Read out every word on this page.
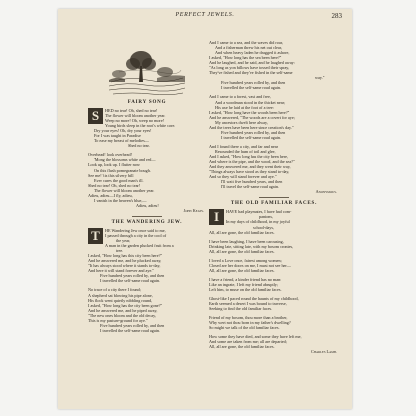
PERFECT JEWELS.	283
FAIRY SONG
S	HED no tear! Oh, shed no tear!
The flower will bloom another year.
Weep no more! Oh, weep no more!
Young birds sleep in the root's white core.
Dry your eyes! Oh, dry your eyes!
For I was taught in Paradise
To ease my breast of melodies—
Shed no tear.
Overhead! look overhead!
'Mong the blossoms white and red—
Look up, look up. I flutter now
On this flush pomegranate bough.
See me! 'tis this silvery bill
Ever cures the good man's ill.
Shed no tear! Oh, shed no tear!
The flower will bloom another year.
Adieu, adieu—I fly, adieu,
I vanish in the heaven's blue,—
Adieu, adieu!
John Keats.
THE WANDERING JEW.
T	HE Wandering Jew once said to me,
I passed through a city in the cool of
the year,
A man in the garden plucked fruit from a
tree.
I asked, "How long has this city been here?"
And he answered me, and he plucked away,
"It has always stood where it stands to-day,
And here it will stand forever and aye."
Five hundred years rolled by, and then
I travelled the self-same road again.
No trace of a city there I found;
A shepherd sat blowing his pipe alone,
His flock went quietly nibbling round,
I asked, "How long has the city been gone?"
And he answered me, and he piped away,
"The new ones bloom and the old decay,
This is my pasture-ground for aye."
Five hundred years rolled by, and then
I travelled the self-same road again.
And I came to a sea, and the waves did roar,
And a fisherman threw his net out clear,
And when heavy laden he dragged it ashore,
I asked, "How long has the sea been here?"
And he laughed, and he said, and he laughed away:
"As long as yon billows have tossed their spray,
They've fished and they've fished in the self-same
way."
Five hundred years rolled by, and then
I travelled the self-same road again.
And I came to a forest, vast and free,
And a woodman stood in the thicket near;
His axe he laid at the foot of a tree:
I asked, "How long have the woods been here?"
And he answered, "The woods are a covert for aye;
My ancestors dwelt here alway,
And the trees have been here since creation's day."
Five hundred years rolled by, and then
I travelled the self-same road again.
And I found there a city, and far and near
Resounded the hum of toil and glee,
And I asked, "How long has the city been here,
And where is the pipe, and the wood, and the sea?"
And they answered me, and they went their way,
"Things always have stood as they stand to-day,
And so they will stand forever and aye."
I'll wait five hundred years, and then
I'll travel the self-same road again.
Anonymous.
THE OLD FAMILIAR FACES.
I	HAVE had playmates, I have had com-
panions,
In my days of childhood, in my joyful
school-days,
All, all are gone, the old familiar faces.
I have been laughing, I have been carousing,
Drinking late, sitting late, with my bosom cronies,
All, all are gone, the old familiar faces.
I loved a Love once, fairest among women;
Closed are her doors on me, I must not see her—
All, all are gone, the old familiar faces.
I have a friend, a kinder friend has no man:
Like an ingrate, I left my friend abruptly;
Left him, to muse on the old familiar faces.
Ghost-like I paced round the haunts of my childhood,
Earth seemed a desert I was bound to traverse,
Seeking to find the old familiar faces.
Friend of my bosom, thou more than a brother,
Why wert not thou born in my father's dwelling?
So might we talk of the old familiar faces.
How some they have died, and some they have left me,
And some are taken from me; all are departed;
All, all are gone, the old familiar faces.
Charles Lamb.
